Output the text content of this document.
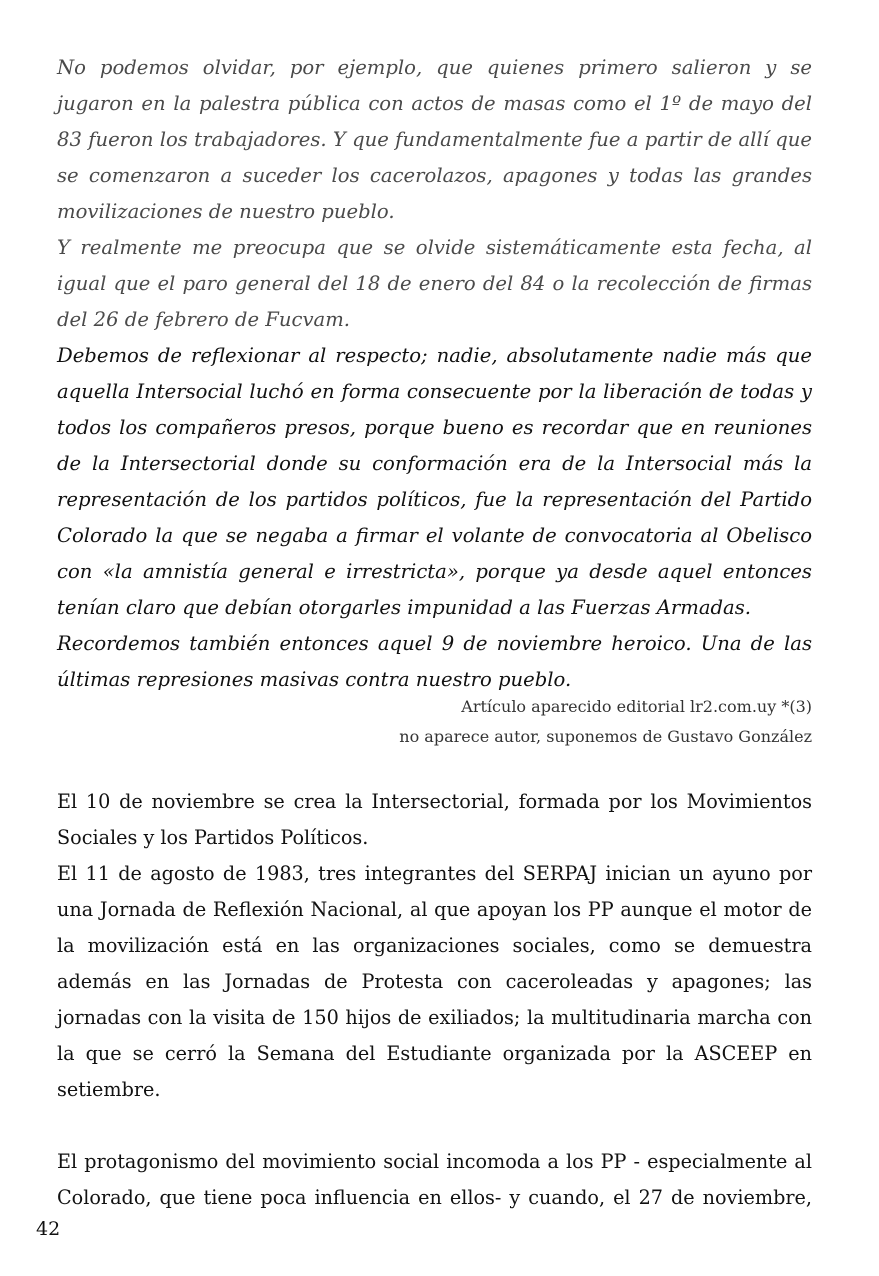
No podemos olvidar, por ejemplo, que quienes primero salieron y se jugaron en la palestra pública con actos de masas como el 1º de mayo del 83 fueron los trabajadores. Y que fundamentalmente fue a partir de allí que se comenzaron a suceder los cacerolazos, apagones y todas las grandes movilizaciones de nuestro pueblo.

Y realmente me preocupa que se olvide sistemáticamente esta fecha, al igual que el paro general del 18 de enero del 84 o la recolección de firmas del 26 de febrero de Fucvam.

Debemos de reflexionar al respecto; nadie, absolutamente nadie más que aquella Intersocial luchó en forma consecuente por la liberación de todas y todos los compañeros presos, porque bueno es recordar que en reuniones de la Intersectorial donde su conformación era de la Intersocial más la representación de los partidos políticos, fue la representación del Partido Colorado la que se negaba a firmar el volante de convocatoria al Obelisco con «la amnistía general e irrestricta», porque ya desde aquel entonces tenían claro que debían otorgarles impunidad a las Fuerzas Armadas.

Recordemos también entonces aquel 9 de noviembre heroico. Una de las últimas represiones masivas contra nuestro pueblo.

Artículo aparecido editorial lr2.com.uy *(3)
no aparece autor, suponemos de Gustavo González

El 10 de noviembre se crea la Intersectorial, formada por los Movimientos Sociales y los Partidos Políticos.

El 11 de agosto de 1983, tres integrantes del SERPAJ inician un ayuno por una Jornada de Reflexión Nacional, al que apoyan los PP aunque el motor de la movilización está en las organizaciones sociales, como se demuestra además en las Jornadas de Protesta con caceroleadas y apagones; las jornadas con la visita de 150 hijos de exiliados; la multitudinaria marcha con la que se cerró la Semana del Estudiante organizada por la ASCEEP en setiembre.

El protagonismo del movimiento social incomoda a los PP - especialmente al Colorado, que tiene poca influencia en ellos- y cuando, el 27 de noviembre,

42
